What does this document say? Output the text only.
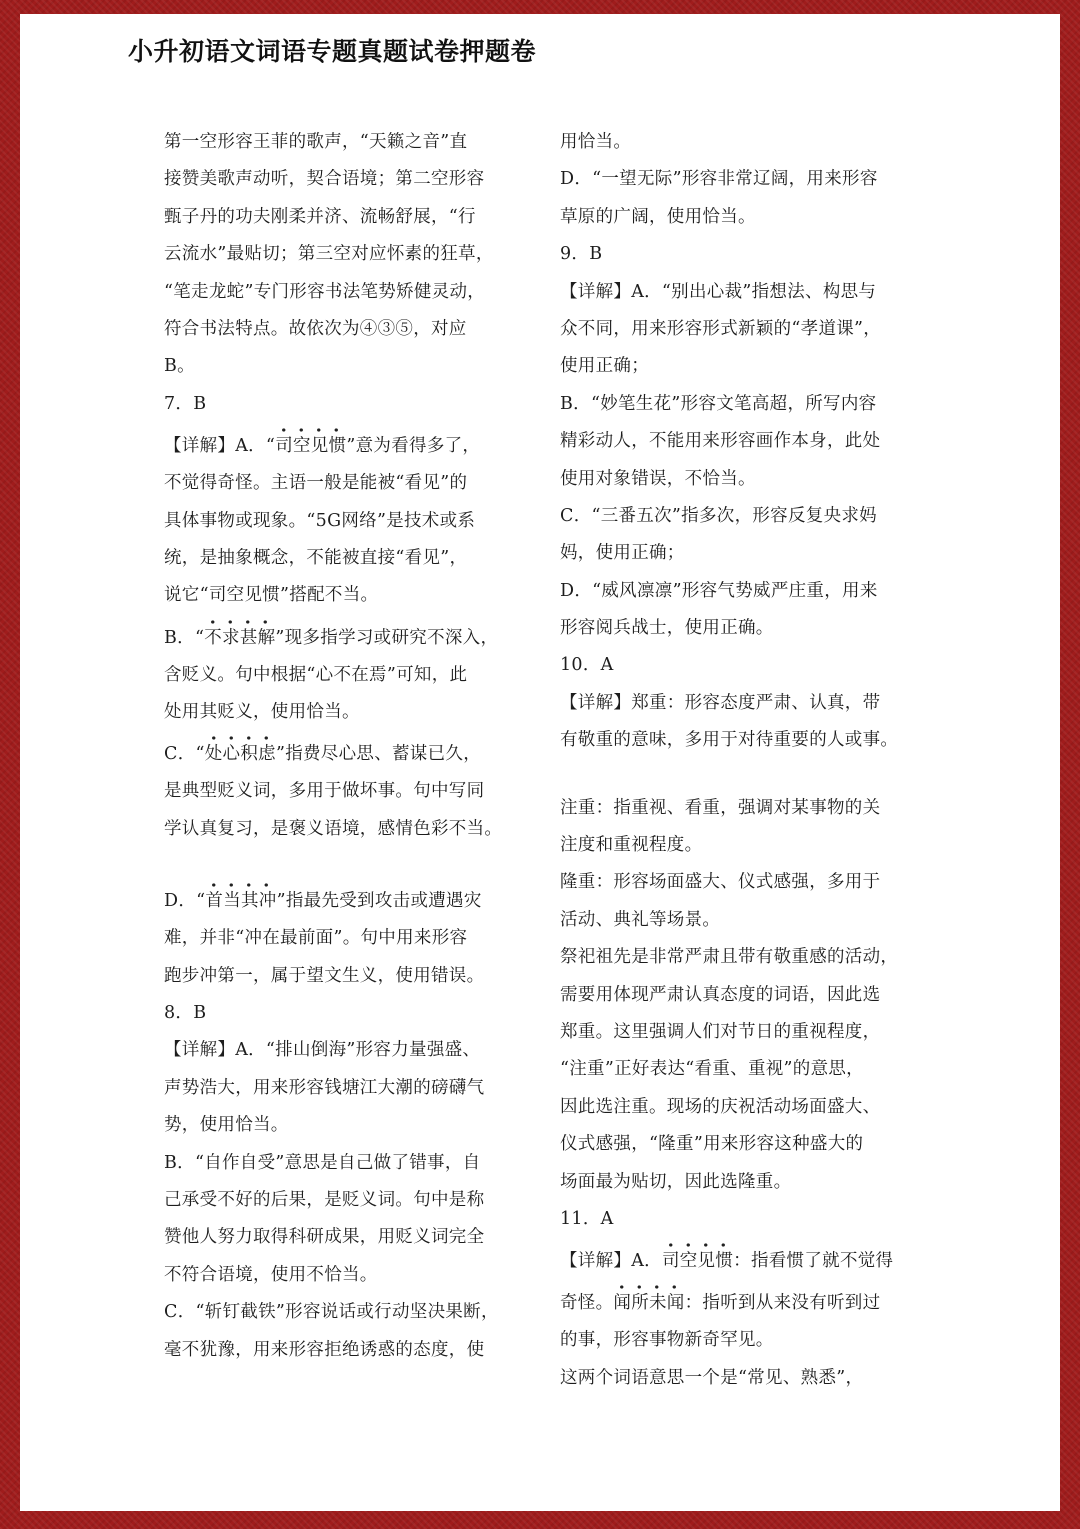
小升初语文词语专题真题试卷押题卷

第一空形容王菲的歌声，“天籁之音”直

接赞美歌声动听，契合语境；第二空形容

甄子丹的功夫刚柔并济、流畅舒展，“行

云流水”最贴切；第三空对应怀素的狂草，

“笔走龙蛇”专门形容书法笔势矫健灵动，

符合书法特点。故依次为④③⑤，对应

B。

7．B

【详解】A．“司空见惯”意为看得多了，

不觉得奇怪。主语一般是能被“看见”的

具体事物或现象。“5G网络”是技术或系

统，是抽象概念，不能被直接“看见”，

说它“司空见惯”搭配不当。

B．“不求甚解”现多指学习或研究不深入，

含贬义。句中根据“心不在焉”可知，此

处用其贬义，使用恰当。

C．“处心积虑”指费尽心思、蓄谋已久，

是典型贬义词，多用于做坏事。句中写同

学认真复习，是褒义语境，感情色彩不当。

D．“首当其冲”指最先受到攻击或遭遇灾

难，并非“冲在最前面”。句中用来形容

跑步冲第一，属于望文生义，使用错误。

8．B

【详解】A．“排山倒海”形容力量强盛、

声势浩大，用来形容钱塘江大潮的磅礴气

势，使用恰当。

B．“自作自受”意思是自己做了错事，自

己承受不好的后果，是贬义词。句中是称

赞他人努力取得科研成果，用贬义词完全

不符合语境，使用不恰当。

C．“斩钉截铁”形容说话或行动坚决果断，

毫不犹豫，用来形容拒绝诱惑的态度，使

用恰当。

D．“一望无际”形容非常辽阔，用来形容

草原的广阔，使用恰当。

9．B

【详解】A．“别出心裁”指想法、构思与

众不同，用来形容形式新颖的“孝道课”，

使用正确；

B．“妙笔生花”形容文笔高超，所写内容

精彩动人，不能用来形容画作本身，此处

使用对象错误，不恰当。

C．“三番五次”指多次，形容反复央求妈

妈，使用正确；

D．“威风凛凛”形容气势威严庄重，用来

形容阅兵战士，使用正确。

10．A

【详解】郑重：形容态度严肃、认真，带

有敬重的意味，多用于对待重要的人或事。

注重：指重视、看重，强调对某事物的关

注度和重视程度。

隆重：形容场面盛大、仪式感强，多用于

活动、典礼等场景。

祭祀祖先是非常严肃且带有敬重感的活动，

需要用体现严肃认真态度的词语，因此选

郑重。这里强调人们对节日的重视程度，

“注重”正好表达“看重、重视”的意思，

因此选注重。现场的庆祝活动场面盛大、

仪式感强，“隆重”用来形容这种盛大的

场面最为贴切，因此选隆重。

11．A

【详解】A．司空见惯：指看惯了就不觉得

奇怪。闻所未闻：指听到从来没有听到过

的事，形容事物新奇罕见。

这两个词语意思一个是“常见、熟悉”，
